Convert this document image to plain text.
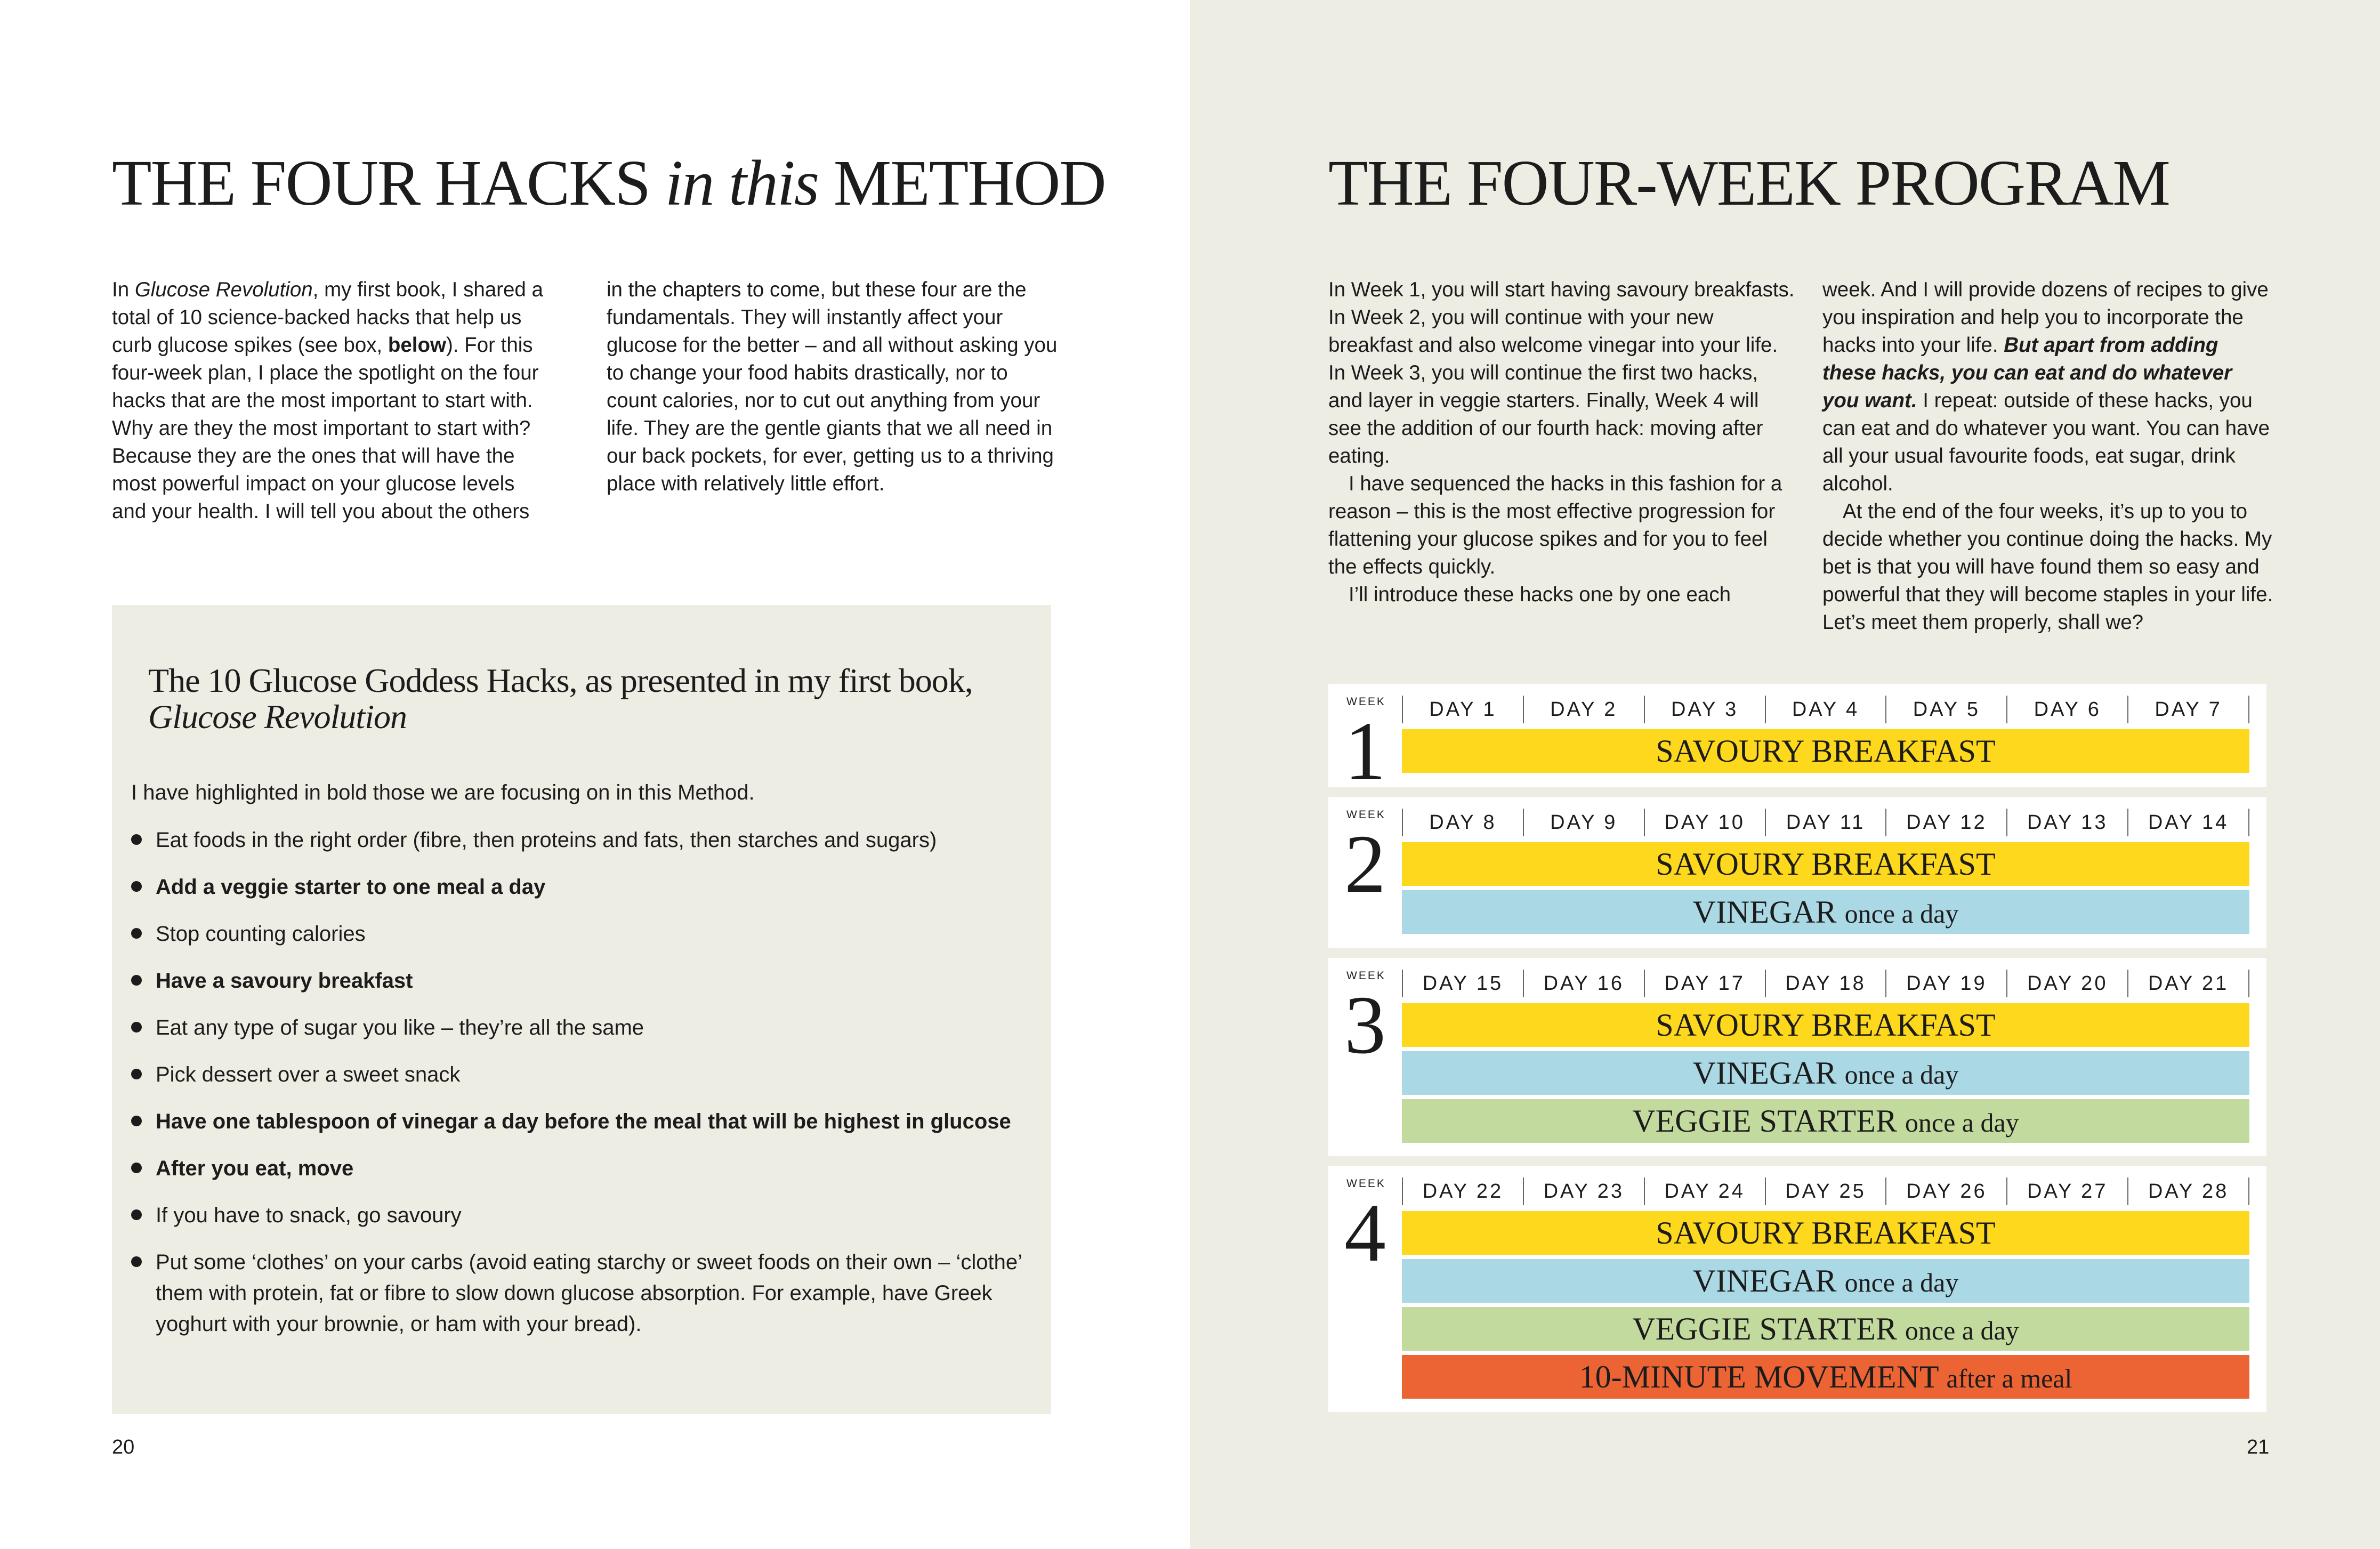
THE FOUR HACKS in this METHOD
In Glucose Revolution, my first book, I shared a total of 10 science-backed hacks that help us curb glucose spikes (see box, below). For this four-week plan, I place the spotlight on the four hacks that are the most important to start with. Why are they the most important to start with? Because they are the ones that will have the most powerful impact on your glucose levels and your health. I will tell you about the others
in the chapters to come, but these four are the fundamentals. They will instantly affect your glucose for the better – and all without asking you to change your food habits drastically, nor to count calories, nor to cut out anything from your life. They are the gentle giants that we all need in our back pockets, for ever, getting us to a thriving place with relatively little effort.
The 10 Glucose Goddess Hacks, as presented in my first book,
Glucose Revolution

I have highlighted in bold those we are focusing on in this Method.

Eat foods in the right order (fibre, then proteins and fats, then starches and sugars)
Add a veggie starter to one meal a day
Stop counting calories
Have a savoury breakfast
Eat any type of sugar you like – they’re all the same
Pick dessert over a sweet snack
Have one tablespoon of vinegar a day before the meal that will be highest in glucose
After you eat, move
If you have to snack, go savoury
Put some ‘clothes’ on your carbs (avoid eating starchy or sweet foods on their own – ‘clothe’ them with protein, fat or fibre to slow down glucose absorption. For example, have Greek yoghurt with your brownie, or ham with your bread).
20
THE FOUR-WEEK PROGRAM

In Week 1, you will start having savoury breakfasts. In Week 2, you will continue with your new breakfast and also welcome vinegar into your life. In Week 3, you will continue the first two hacks, and layer in veggie starters. Finally, Week 4 will see the addition of our fourth hack: moving after eating.

I have sequenced the hacks in this fashion for a reason – this is the most effective progression for flattening your glucose spikes and for you to feel the effects quickly.

I’ll introduce these hacks one by one each

week. And I will provide dozens of recipes to give you inspiration and help you to incorporate the hacks into your life. But apart from adding these hacks, you can eat and do whatever you want. I repeat: outside of these hacks, you can eat and do whatever you want. You can have all your usual favourite foods, eat sugar, drink alcohol.

At the end of the four weeks, it’s up to you to decide whether you continue doing the hacks. My bet is that you will have found them so easy and powerful that they will become staples in your life. Let’s meet them properly, shall we?

21
WEEK
1	DAY 1	DAY 2	DAY 3	DAY 4	DAY 5	DAY 6	DAY 7
SAVOURY BREAKFAST
WEEK
2	DAY 8	DAY 9	DAY 10	DAY 11	DAY 12	DAY 13	DAY 14
SAVOURY BREAKFAST
VINEGAR once a day
WEEK
3	DAY 15	DAY 16	DAY 17	DAY 18	DAY 19	DAY 20	DAY 21
SAVOURY BREAKFAST
VINEGAR once a day
VEGGIE STARTER once a day
WEEK
4	DAY 22	DAY 23	DAY 24	DAY 25	DAY 26	DAY 27	DAY 28
SAVOURY BREAKFAST
VINEGAR once a day
VEGGIE STARTER once a day
10-MINUTE MOVEMENT after a meal
